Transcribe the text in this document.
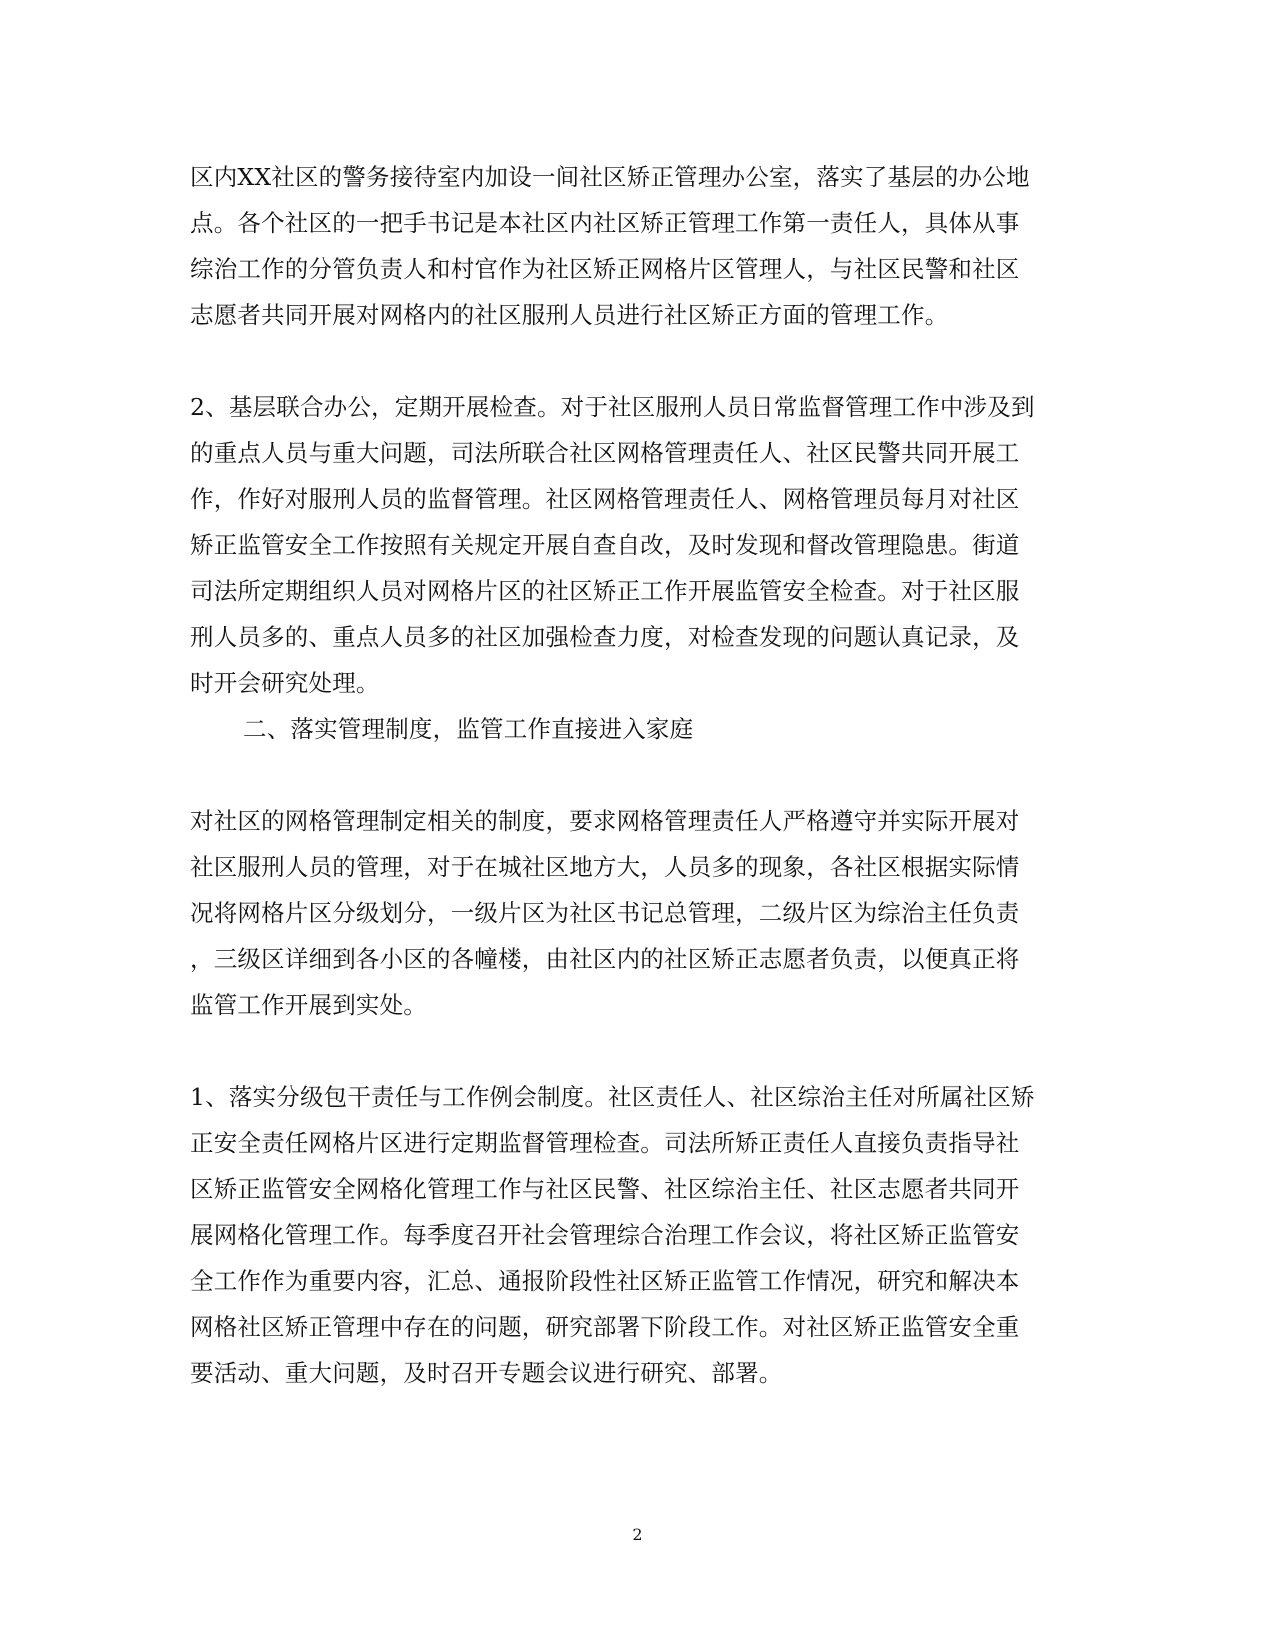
区内XX社区的警务接待室内加设一间社区矫正管理办公室，落实了基层的办公地
点。各个社区的一把手书记是本社区内社区矫正管理工作第一责任人，具体从事
综治工作的分管负责人和村官作为社区矫正网格片区管理人，与社区民警和社区
志愿者共同开展对网格内的社区服刑人员进行社区矫正方面的管理工作。
2、基层联合办公，定期开展检查。对于社区服刑人员日常监督管理工作中涉及到
的重点人员与重大问题，司法所联合社区网格管理责任人、社区民警共同开展工
作，作好对服刑人员的监督管理。社区网格管理责任人、网格管理员每月对社区
矫正监管安全工作按照有关规定开展自查自改，及时发现和督改管理隐患。街道
司法所定期组织人员对网格片区的社区矫正工作开展监管安全检查。对于社区服
刑人员多的、重点人员多的社区加强检查力度，对检查发现的问题认真记录，及
时开会研究处理。
二、落实管理制度，监管工作直接进入家庭
对社区的网格管理制定相关的制度，要求网格管理责任人严格遵守并实际开展对
社区服刑人员的管理，对于在城社区地方大，人员多的现象，各社区根据实际情
况将网格片区分级划分，一级片区为社区书记总管理，二级片区为综治主任负责
，三级区详细到各小区的各幢楼，由社区内的社区矫正志愿者负责，以便真正将
监管工作开展到实处。
1、落实分级包干责任与工作例会制度。社区责任人、社区综治主任对所属社区矫
正安全责任网格片区进行定期监督管理检查。司法所矫正责任人直接负责指导社
区矫正监管安全网格化管理工作与社区民警、社区综治主任、社区志愿者共同开
展网格化管理工作。每季度召开社会管理综合治理工作会议，将社区矫正监管安
全工作作为重要内容，汇总、通报阶段性社区矫正监管工作情况，研究和解决本
网格社区矫正管理中存在的问题，研究部署下阶段工作。对社区矫正监管安全重
要活动、重大问题，及时召开专题会议进行研究、部署。
2
